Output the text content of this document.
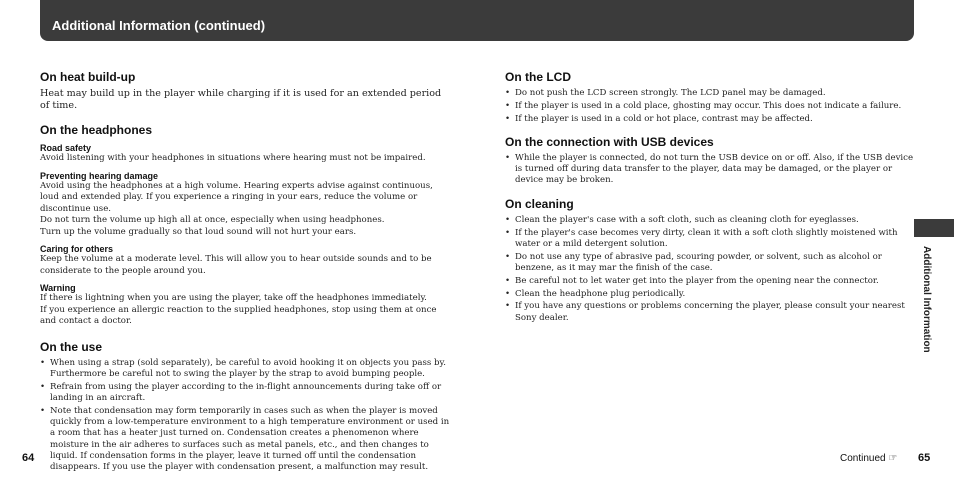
Additional Information (continued)
On heat build-up

Heat may build up in the player while charging if it is used for an extended period of time.

On the headphones
Road safety

Avoid listening with your headphones in situations where hearing must not be impaired.

Preventing hearing damage

Avoid using the headphones at a high volume. Hearing experts advise against continuous, loud and extended play. If you experience a ringing in your ears, reduce the volume or discontinue use.

Do not turn the volume up high all at once, especially when using headphones.

Turn up the volume gradually so that loud sound will not hurt your ears.

Caring for others

Keep the volume at a moderate level. This will allow you to hear outside sounds and to be considerate to the people around you.

Warning

If there is lightning when you are using the player, take off the headphones immediately.

If you experience an allergic reaction to the supplied headphones, stop using them at once and contact a doctor.

On the use
• When using a strap (sold separately), be careful to avoid hooking it on objects you pass by. Furthermore be careful not to swing the player by the strap to avoid bumping people.
• Refrain from using the player according to the in-flight announcements during take off or landing in an aircraft.
• Note that condensation may form temporarily in cases such as when the player is moved quickly from a low-temperature environment to a high temperature environment or used in a room that has a heater just turned on. Condensation creates a phenomenon where moisture in the air adheres to surfaces such as metal panels, etc., and then changes to liquid. If condensation forms in the player, leave it turned off until the condensation disappears. If you use the player with condensation present, a malfunction may result.
On the LCD
• Do not push the LCD screen strongly. The LCD panel may be damaged.
• If the player is used in a cold place, ghosting may occur. This does not indicate a failure.
• If the player is used in a cold or hot place, contrast may be affected.
On the connection with USB devices
• While the player is connected, do not turn the USB device on or off. Also, if the USB device is turned off during data transfer to the player, data may be damaged, or the player or device may be broken.
On cleaning
• Clean the player's case with a soft cloth, such as cleaning cloth for eyeglasses.
• If the player's case becomes very dirty, clean it with a soft cloth slightly moistened with water or a mild detergent solution.
• Do not use any type of abrasive pad, scouring powder, or solvent, such as alcohol or benzene, as it may mar the finish of the case.
• Be careful not to let water get into the player from the opening near the connector.
• Clean the headphone plug periodically.
• If you have any questions or problems concerning the player, please consult your nearest Sony dealer.	Additional Information
64	Continued ☞ 65
